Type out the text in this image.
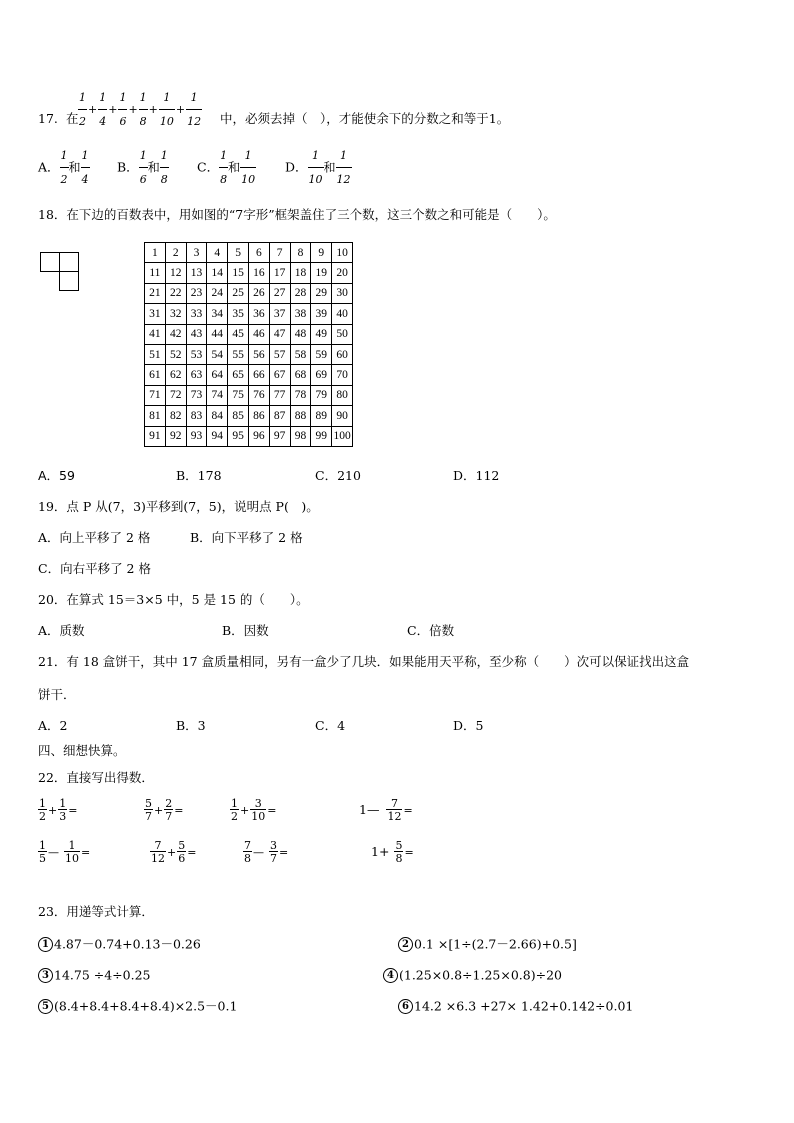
17. 在 $\frac{1}{2} + \frac{1}{4} + \frac{1}{6} + \frac{1}{8} + \frac{1}{10} + \frac{1}{12}$ 中，必须去掉（　），才能使余下的分数之和等于1。
A． $\frac{1}{2}$ 和 $\frac{1}{4}$ B． $\frac{1}{6}$ 和 $\frac{1}{8}$ C． $\frac{1}{8}$ 和 $\frac{1}{10}$ D． $\frac{1}{10}$ 和 $\frac{1}{12}$
18．在下边的百数表中，用如图的“7字形”框架盖住了三个数，这三个数之和可能是（　　）。
1	2	3	4	5	6	7	8	9	10
11	12	13	14	15	16	17	18	19	20
21	22	23	24	25	26	27	28	29	30
31	32	33	34	35	36	37	38	39	40
41	42	43	44	45	46	47	48	49	50
51	52	53	54	55	56	57	58	59	60
61	62	63	64	65	66	67	68	69	70
71	72	73	74	75	76	77	78	79	80
81	82	83	84	85	86	87	88	89	90
91	92	93	94	95	96	97	98	99	100
A．59	B．178	C．210	D．112
19．点 P 从(7，3)平移到(7，5)，说明点 P(　)。
A．向上平移了 2 格	B．向下平移了 2 格
C．向右平移了 2 格
20．在算式 15＝3×5 中，5 是 15 的（　　）。
A．质数	B．因数	C．倍数
21．有 18 盒饼干，其中 17 盒质量相同，另有一盒少了几块．如果能用天平称，至少称（　　）次可以保证找出这盒
饼干．
A．2	B．3	C．4	D．5
四、细想快算。
22．直接写出得数．
$\frac{1}{2} + \frac{1}{3}$ =	$\frac{5}{7} + \frac{2}{7}$ =	$\frac{1}{2} + \frac{3}{10}$ =	1— $\frac{7}{12}$ =
$\frac{1}{5}$ — $\frac{1}{10}$ =	$\frac{7}{12} + \frac{5}{6}$ =	$\frac{7}{8}$ — $\frac{3}{7}$ =	$1+ \frac{5}{8}$ =
23．用递等式计算．
1 4.87－0.74+0.13－0.26	2 0.1 ×[1÷(2.7－2.66)+0.5]
3 14.75 ÷4÷0.25	4 (1.25×0.8÷1.25×0.8)÷20
5 (8.4+8.4+8.4+8.4)×2.5－0.1	6 14.2 ×6.3 +27× 1.42+0.142÷0.01
